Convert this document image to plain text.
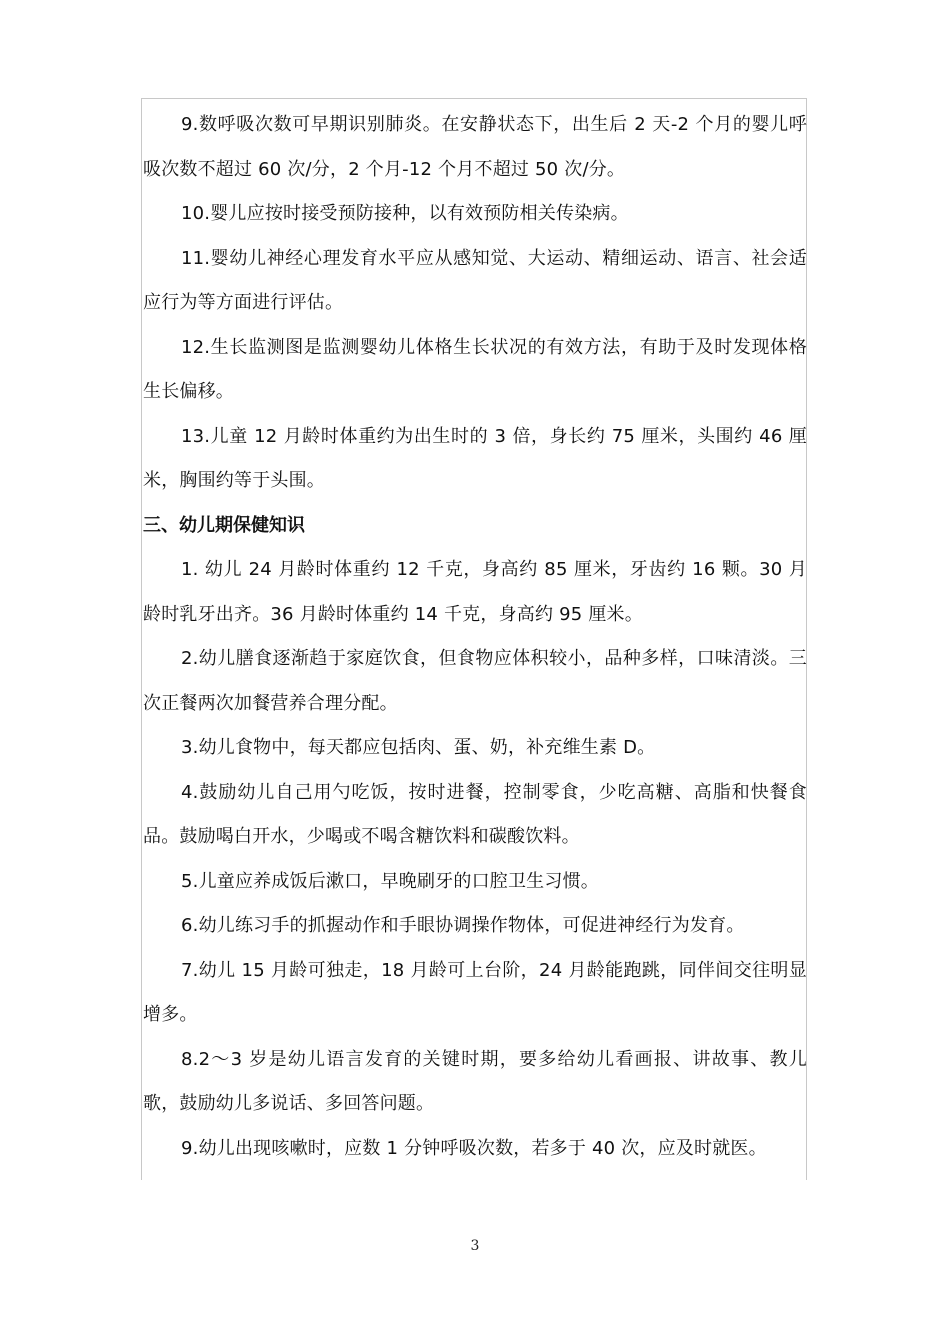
9.数呼吸次数可早期识别肺炎。在安静状态下，出生后 2 天-2 个月的婴儿呼吸次数不超过 60 次/分，2 个月-12 个月不超过 50 次/分。

10.婴儿应按时接受预防接种，以有效预防相关传染病。

11.婴幼儿神经心理发育水平应从感知觉、大运动、精细运动、语言、社会适应行为等方面进行评估。

12.生长监测图是监测婴幼儿体格生长状况的有效方法，有助于及时发现体格生长偏移。

13.儿童 12 月龄时体重约为出生时的 3 倍，身长约 75 厘米，头围约 46 厘米，胸围约等于头围。

三、幼儿期保健知识

1. 幼儿 24 月龄时体重约 12 千克，身高约 85 厘米，牙齿约 16 颗。30 月龄时乳牙出齐。36 月龄时体重约 14 千克，身高约 95 厘米。

2.幼儿膳食逐渐趋于家庭饮食，但食物应体积较小，品种多样，口味清淡。三次正餐两次加餐营养合理分配。

3.幼儿食物中，每天都应包括肉、蛋、奶，补充维生素 D。

4.鼓励幼儿自己用勺吃饭，按时进餐，控制零食，少吃高糖、高脂和快餐食品。鼓励喝白开水，少喝或不喝含糖饮料和碳酸饮料。

5.儿童应养成饭后漱口，早晚刷牙的口腔卫生习惯。

6.幼儿练习手的抓握动作和手眼协调操作物体，可促进神经行为发育。

7.幼儿 15 月龄可独走，18 月龄可上台阶，24 月龄能跑跳，同伴间交往明显增多。

8.2～3 岁是幼儿语言发育的关键时期，要多给幼儿看画报、讲故事、教儿歌，鼓励幼儿多说话、多回答问题。

9.幼儿出现咳嗽时，应数 1 分钟呼吸次数，若多于 40 次，应及时就医。

3
